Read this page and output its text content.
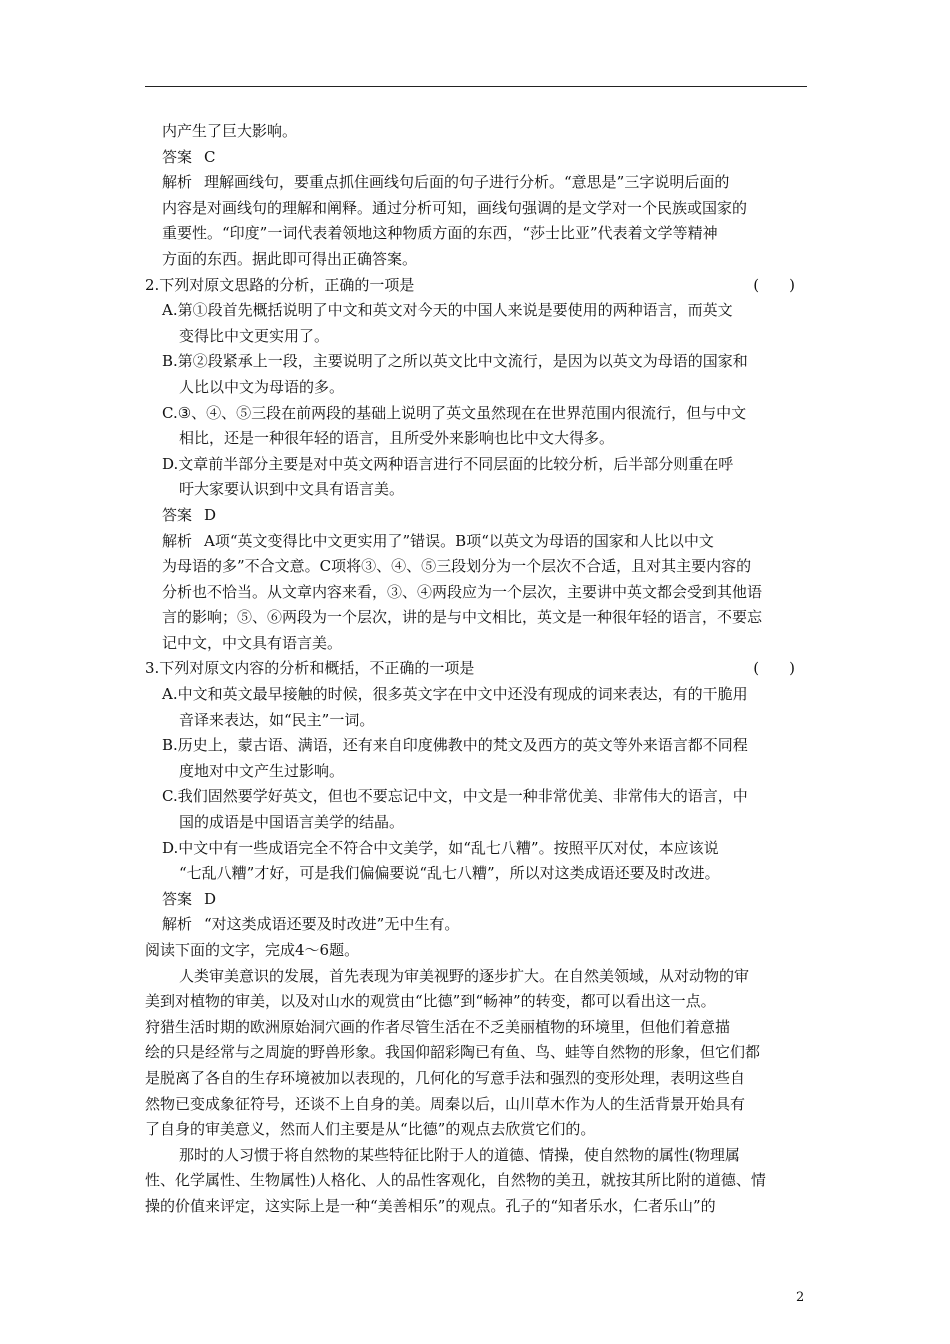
内产生了巨大影响。
答案 C
解析 理解画线句，要重点抓住画线句后面的句子进行分析。“意思是”三字说明后面的
内容是对画线句的理解和阐释。通过分析可知，画线句强调的是文学对一个民族或国家的
重要性。“印度”一词代表着领地这种物质方面的东西，“莎士比亚”代表着文学等精神
方面的东西。据此即可得出正确答案。
2.下列对原文思路的分析，正确的一项是	(　　)
A.第①段首先概括说明了中文和英文对今天的中国人来说是要使用的两种语言，而英文
变得比中文更实用了。
B.第②段紧承上一段，主要说明了之所以英文比中文流行，是因为以英文为母语的国家和
人比以中文为母语的多。
C.③、④、⑤三段在前两段的基础上说明了英文虽然现在在世界范围内很流行，但与中文
相比，还是一种很年轻的语言，且所受外来影响也比中文大得多。
D.文章前半部分主要是对中英文两种语言进行不同层面的比较分析，后半部分则重在呼
吁大家要认识到中文具有语言美。
答案 D
解析 A项“英文变得比中文更实用了”错误。B项“以英文为母语的国家和人比以中文
为母语的多”不合文意。C项将③、④、⑤三段划分为一个层次不合适，且对其主要内容的
分析也不恰当。从文章内容来看，③、④两段应为一个层次，主要讲中英文都会受到其他语
言的影响；⑤、⑥两段为一个层次，讲的是与中文相比，英文是一种很年轻的语言，不要忘
记中文，中文具有语言美。
3.下列对原文内容的分析和概括，不正确的一项是	(　　)
A.中文和英文最早接触的时候，很多英文字在中文中还没有现成的词来表达，有的干脆用
音译来表达，如“民主”一词。
B.历史上，蒙古语、满语，还有来自印度佛教中的梵文及西方的英文等外来语言都不同程
度地对中文产生过影响。
C.我们固然要学好英文，但也不要忘记中文，中文是一种非常优美、非常伟大的语言，中
国的成语是中国语言美学的结晶。
D.中文中有一些成语完全不符合中文美学，如“乱七八糟”。按照平仄对仗，本应该说
“七乱八糟”才好，可是我们偏偏要说“乱七八糟”，所以对这类成语还要及时改进。
答案 D
解析 “对这类成语还要及时改进”无中生有。
阅读下面的文字，完成4～6题。
人类审美意识的发展，首先表现为审美视野的逐步扩大。在自然美领域，从对动物的审
美到对植物的审美，以及对山水的观赏由“比德”到“畅神”的转变，都可以看出这一点。
狩猎生活时期的欧洲原始洞穴画的作者尽管生活在不乏美丽植物的环境里，但他们着意描
绘的只是经常与之周旋的野兽形象。我国仰韶彩陶已有鱼、鸟、蛙等自然物的形象，但它们都
是脱离了各自的生存环境被加以表现的，几何化的写意手法和强烈的变形处理，表明这些自
然物已变成象征符号，还谈不上自身的美。周秦以后，山川草木作为人的生活背景开始具有
了自身的审美意义，然而人们主要是从“比德”的观点去欣赏它们的。
那时的人习惯于将自然物的某些特征比附于人的道德、情操，使自然物的属性(物理属
性、化学属性、生物属性)人格化、人的品性客观化，自然物的美丑，就按其所比附的道德、情
操的价值来评定，这实际上是一种“美善相乐”的观点。孔子的“知者乐水，仁者乐山”的
2
